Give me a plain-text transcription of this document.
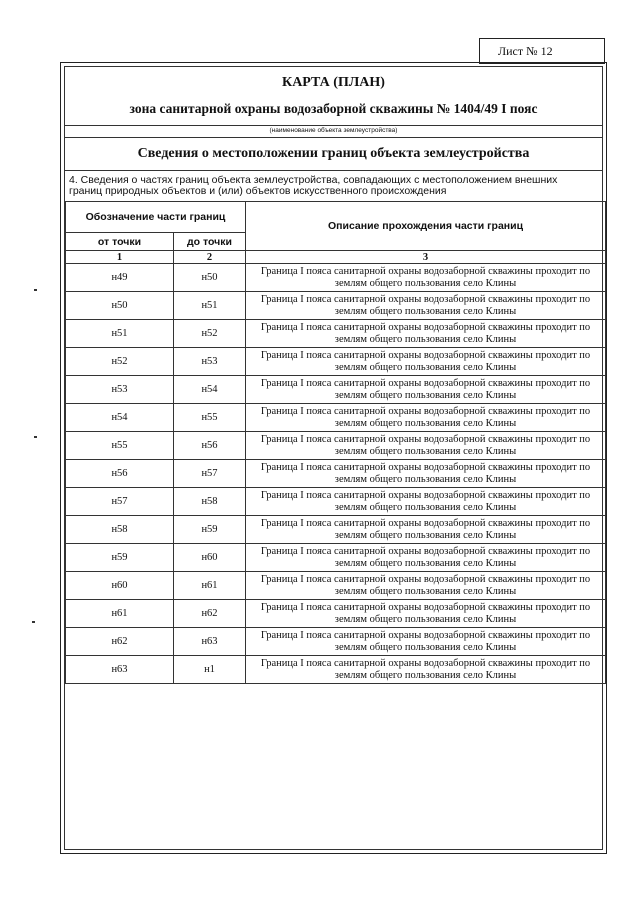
Лист № 12
КАРТА (ПЛАН)
зона санитарной охраны водозаборной скважины № 1404/49 I пояс
(наименование объекта землеустройства)
Сведения о местоположении границ объекта землеустройства
4. Сведения о частях границ объекта землеустройства, совпадающих с местоположением внешних границ природных объектов и (или) объектов искусственного происхождения
Обозначение части границ		Описание прохождения части границ
от точки	до точки	
1	2	3
н49	н50	Граница I пояса санитарной охраны водозаборной скважины проходит по землям общего пользования село Клины
н50	н51	Граница I пояса санитарной охраны водозаборной скважины проходит по землям общего пользования село Клины
н51	н52	Граница I пояса санитарной охраны водозаборной скважины проходит по землям общего пользования село Клины
н52	н53	Граница I пояса санитарной охраны водозаборной скважины проходит по землям общего пользования село Клины
н53	н54	Граница I пояса санитарной охраны водозаборной скважины проходит по землям общего пользования село Клины
н54	н55	Граница I пояса санитарной охраны водозаборной скважины проходит по землям общего пользования село Клины
н55	н56	Граница I пояса санитарной охраны водозаборной скважины проходит по землям общего пользования село Клины
н56	н57	Граница I пояса санитарной охраны водозаборной скважины проходит по землям общего пользования село Клины
н57	н58	Граница I пояса санитарной охраны водозаборной скважины проходит по землям общего пользования село Клины
н58	н59	Граница I пояса санитарной охраны водозаборной скважины проходит по землям общего пользования село Клины
н59	н60	Граница I пояса санитарной охраны водозаборной скважины проходит по землям общего пользования село Клины
н60	н61	Граница I пояса санитарной охраны водозаборной скважины проходит по землям общего пользования село Клины
н61	н62	Граница I пояса санитарной охраны водозаборной скважины проходит по землям общего пользования село Клины
н62	н63	Граница I пояса санитарной охраны водозаборной скважины проходит по землям общего пользования село Клины
н63	н1	Граница I пояса санитарной охраны водозаборной скважины проходит по землям общего пользования село Клины
